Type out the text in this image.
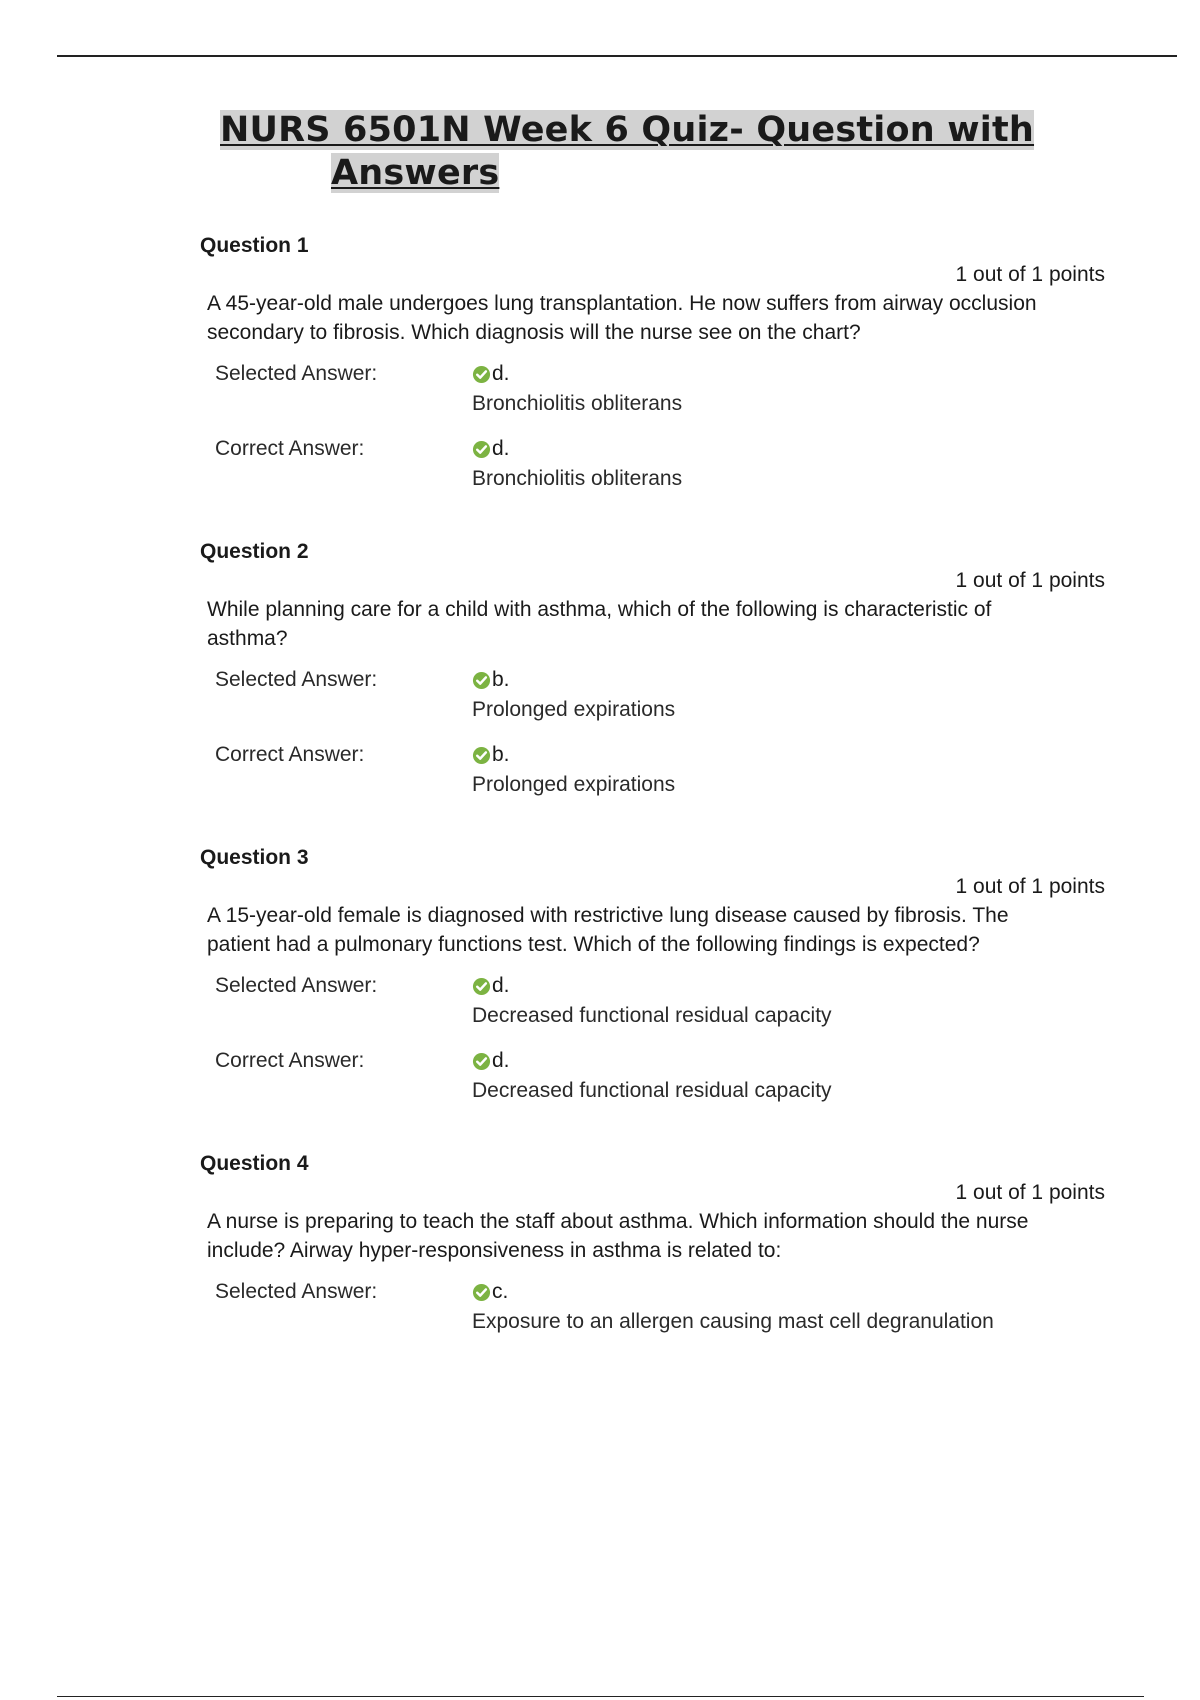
NURS 6501N Week 6 Quiz- Question with
Answers
Question 1
1 out of 1 points
A 45-year-old male undergoes lung transplantation. He now suffers from airway occlusion secondary to fibrosis. Which diagnosis will the nurse see on the chart?
Selected Answer:	d.
Bronchiolitis obliterans
Correct Answer:	d.
Bronchiolitis obliterans
Question 2
1 out of 1 points
While planning care for a child with asthma, which of the following is characteristic of asthma?
Selected Answer:	b.
Prolonged expirations
Correct Answer:	b.
Prolonged expirations
Question 3
1 out of 1 points
A 15-year-old female is diagnosed with restrictive lung disease caused by fibrosis. The patient had a pulmonary functions test. Which of the following findings is expected?
Selected Answer:	d.
Decreased functional residual capacity
Correct Answer:	d.
Decreased functional residual capacity
Question 4
1 out of 1 points
A nurse is preparing to teach the staff about asthma. Which information should the nurse include? Airway hyper-responsiveness in asthma is related to:
Selected Answer:	c.
Exposure to an allergen causing mast cell degranulation
